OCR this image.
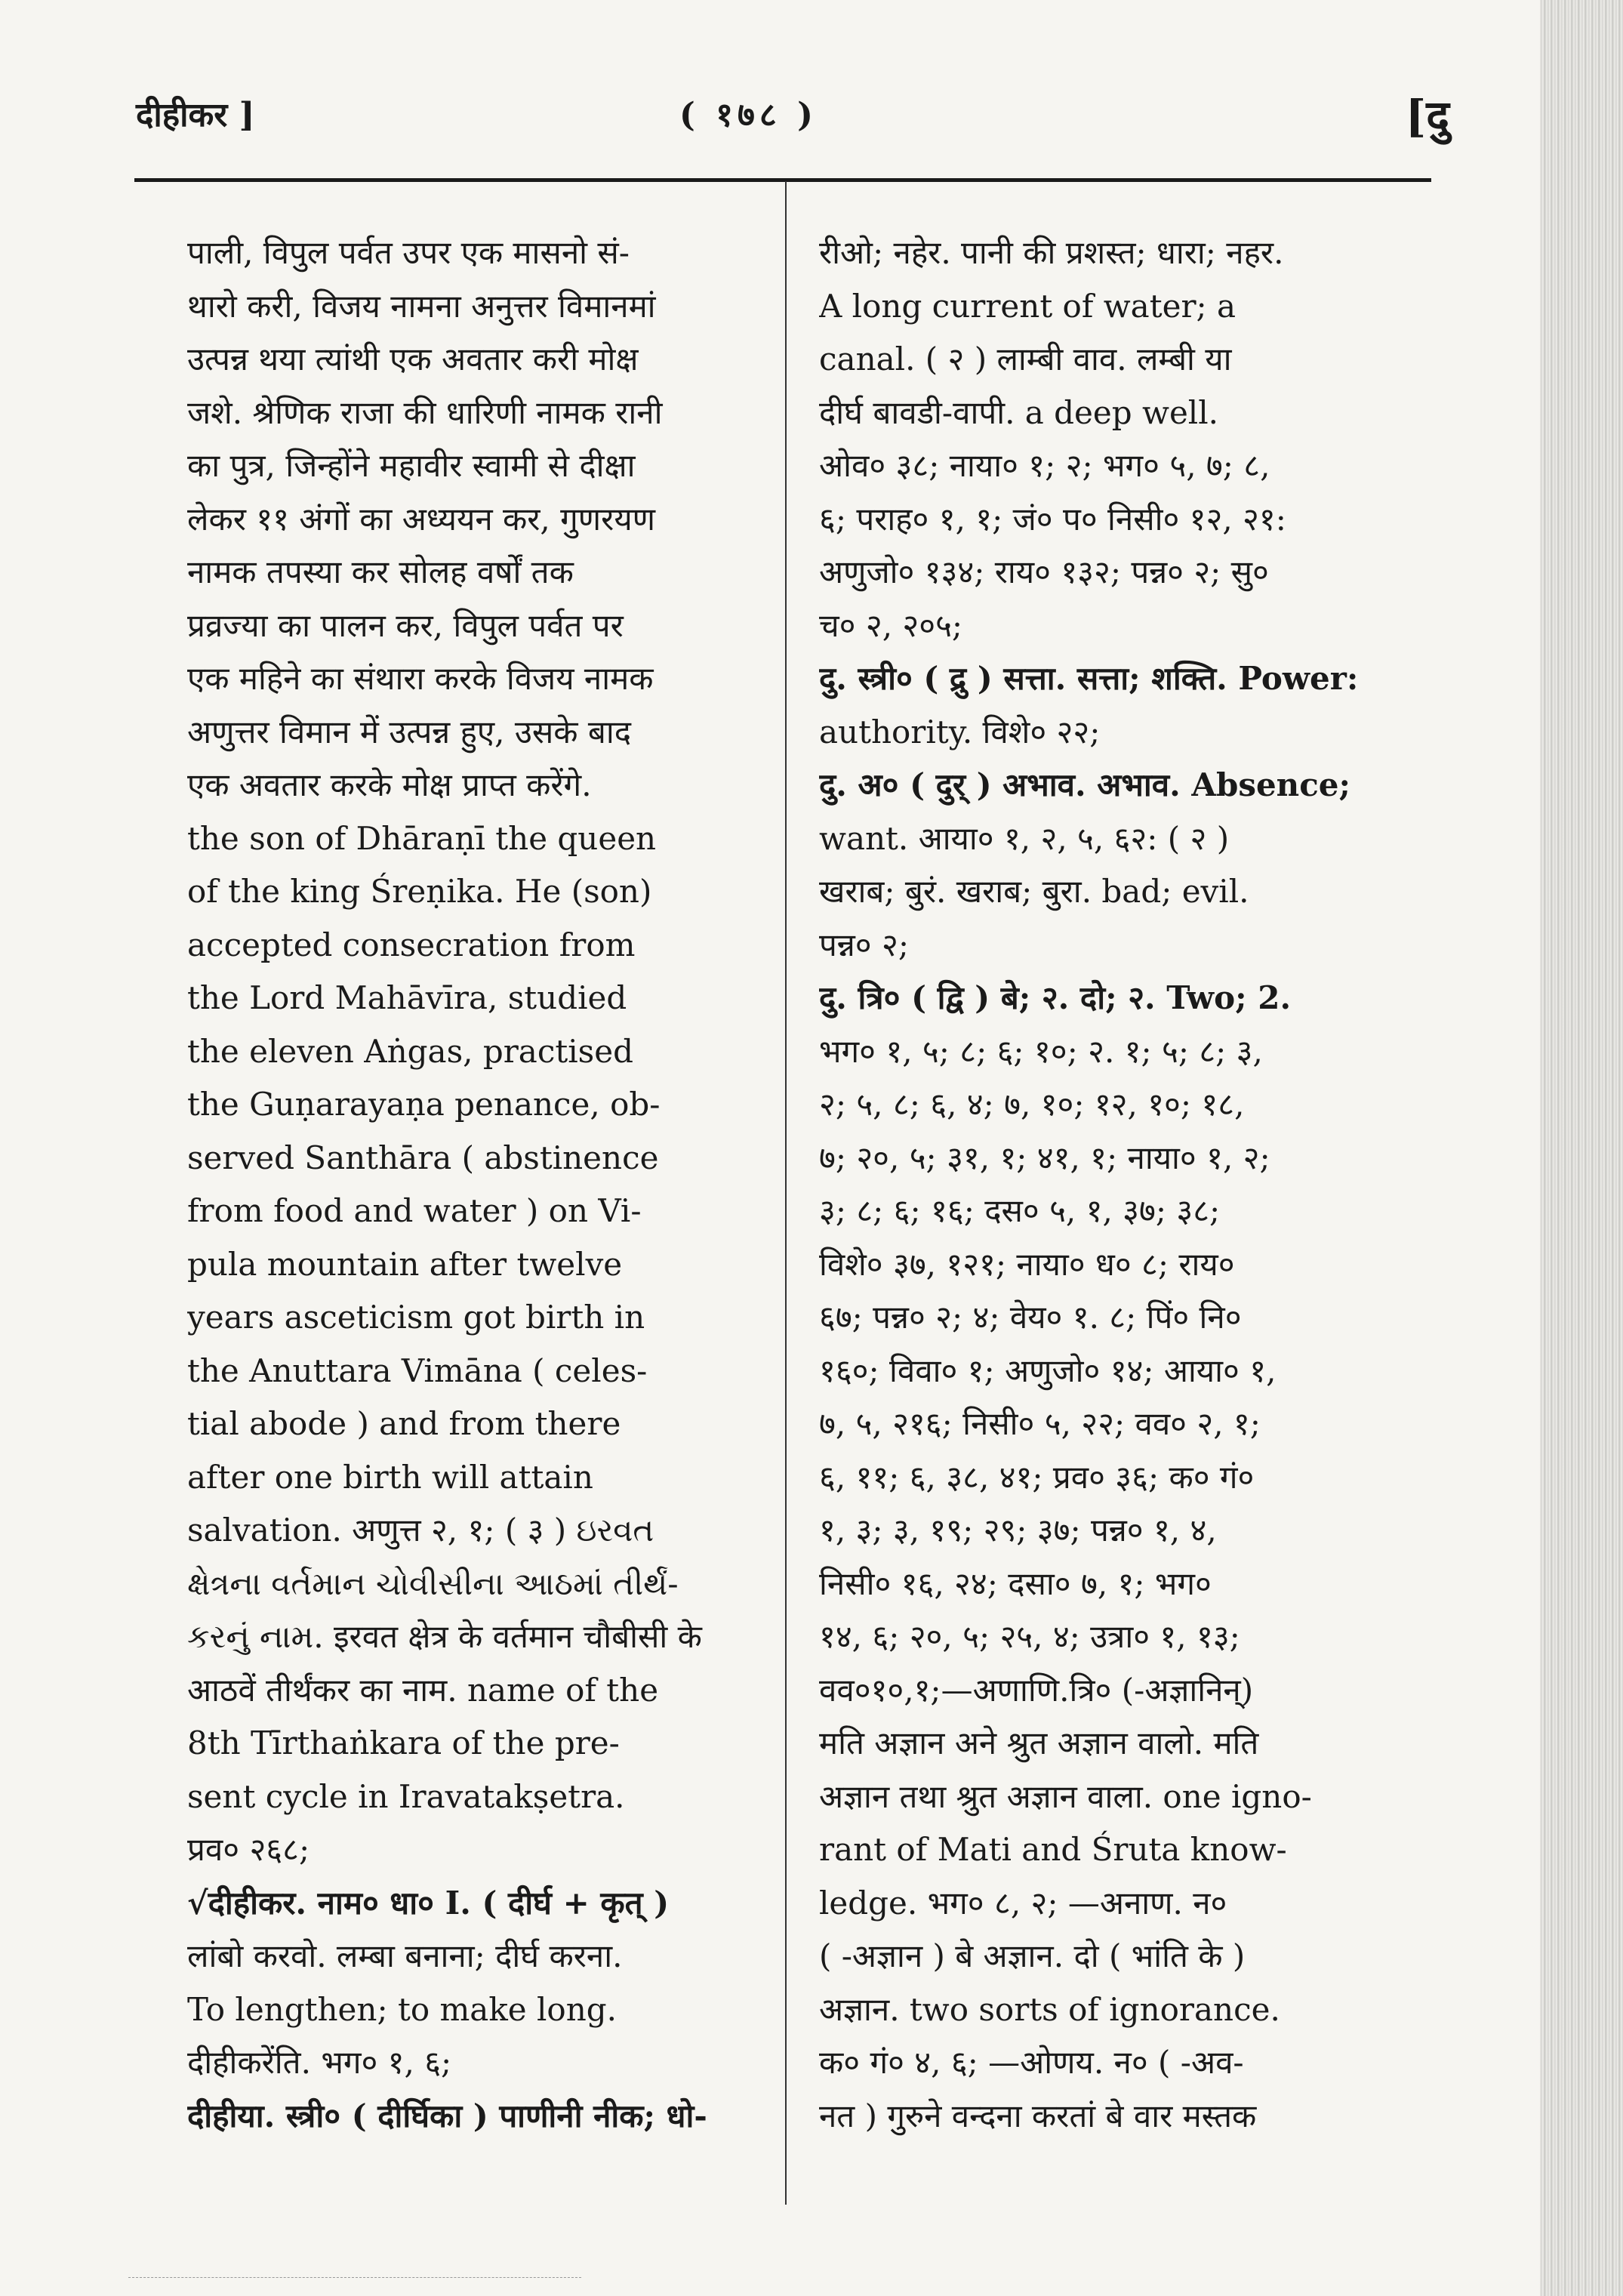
दीहीकर ]	( १७८ )	[दु
पाली, विपुल पर्वत उपर एक मासनो सं-
थारो करी, विजय नामना अनुत्तर विमानमां
उत्पन्न थया त्यांथी एक अवतार करी मोक्ष
जशे. श्रेणिक राजा की धारिणी नामक रानी
का पुत्र, जिन्होंने महावीर स्वामी से दीक्षा
लेकर ११ अंगों का अध्ययन कर, गुणरयण
नामक तपस्या कर सोलह वर्षों तक
प्रव्रज्या का पालन कर, विपुल पर्वत पर
एक महिने का संथारा करके विजय नामक
अणुत्तर विमान में उत्पन्न हुए, उसके बाद
एक अवतार करके मोक्ष प्राप्त करेंगे.
the son of Dhāraṇī the queen
of the king Śreṇika. He (son)
accepted consecration from
the Lord Mahāvīra, studied
the eleven Aṅgas, practised
the Guṇarayaṇa penance, ob-
served Santhāra ( abstinence
from food and water ) on Vi-
pula mountain after twelve
years asceticism got birth in
the Anuttara Vimāna ( celes-
tial abode ) and from there
after one birth will attain
salvation. अणुत्त २, १; ( ३ ) ઇરવત
ક્ષેત્રના વર્તમાન ચોવીસીના આઠમાં તીર્થં-
કરનું નામ. इरवत क्षेत्र के वर्तमान चौबीसी के
आठवें तीर्थंकर का नाम. name of the
8th Tīrthaṅkara of the pre-
sent cycle in Iravatakṣetra.
प्रव० २६८;
√दीहीकर. नाम० धा० I. ( दीर्घ + कृत् )
लांबो करवो. लम्बा बनाना; दीर्घ करना.
To lengthen; to make long.
दीहीकरेंति. भग० १, ६;
दीहीया. स्त्री० ( दीर्घिका ) पाणीनी नीक; धो-
रीओ; नहेर. पानी की प्रशस्त; धारा; नहर.
A long current of water; a
canal. ( २ ) लाम्बी वाव. लम्बी या
दीर्घ बावडी-वापी. a deep well.
ओव० ३८; नाया० १; २; भग० ५, ७; ८,
६; पराह० १, १; जं० प० निसी० १२, २१:
अणुजो० १३४; राय० १३२; पन्न० २; सु०
च० २, २०५;
दु. स्त्री० ( द्रु ) सत्ता. सत्ता; शक्ति. Power:
authority. विशे० २२;
दु. अ० ( दुर् ) अभाव. अभाव. Absence;
want. आया० १, २, ५, ६२: ( २ )
खराब; बुरं. खराब; बुरा. bad; evil.
पन्न० २;
दु. त्रि० ( द्वि ) बे; २. दो; २. Two; 2.
भग० १, ५; ८; ६; १०; २. १; ५; ८; ३,
२; ५, ८; ६, ४; ७, १०; १२, १०; १८,
७; २०, ५; ३१, १; ४१, १; नाया० १, २;
३; ८; ६; १६; दस० ५, १, ३७; ३८;
विशे० ३७, १२१; नाया० ध० ८; राय०
६७; पन्न० २; ४; वेय० १. ८; पिं० नि०
१६०; विवा० १; अणुजो० १४; आया० १,
७, ५, २१६; निसी० ५, २२; वव० २, १;
६, ११; ६, ३८, ४१; प्रव० ३६; क० गं०
१, ३; ३, १९; २९; ३७; पन्न० १, ४,
निसी० १६, २४; दसा० ७, १; भग०
१४, ६; २०, ५; २५, ४; उत्रा० १, १३;
वव०१०,१;—अणाणि.त्रि० (-अज्ञानिन्)
मति अज्ञान अने श्रुत अज्ञान वालो. मति
अज्ञान तथा श्रुत अज्ञान वाला. one igno-
rant of Mati and Śruta know-
ledge. भग० ८, २; —अनाण. न०
( -अज्ञान ) बे अज्ञान. दो ( भांति के )
अज्ञान. two sorts of ignorance.
क० गं० ४, ६; —ओणय. न० ( -अव-
नत ) गुरुने वन्दना करतां बे वार मस्तक
